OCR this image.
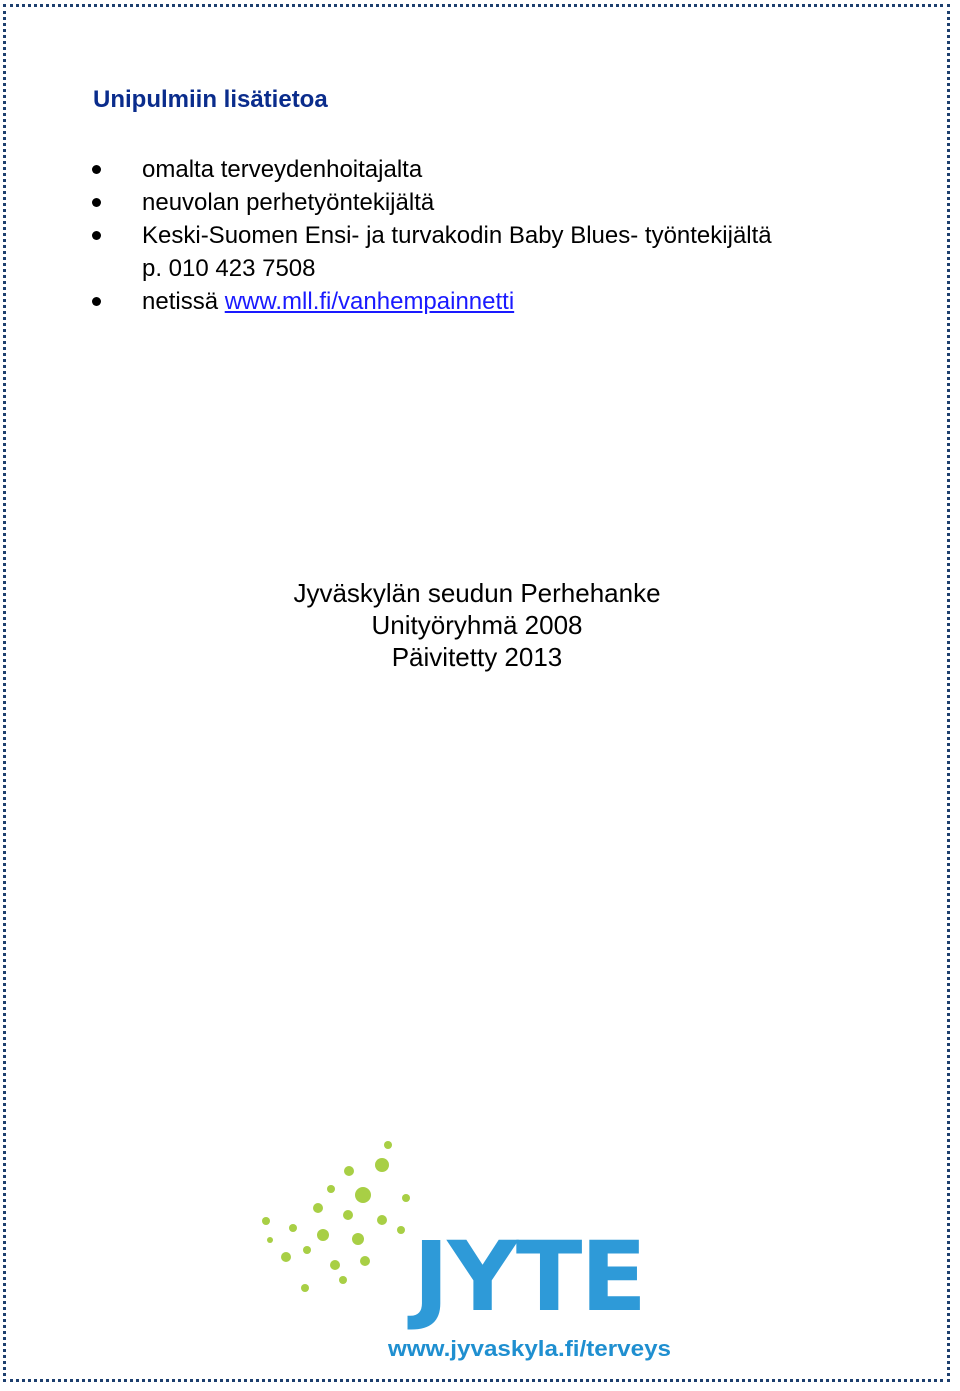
Unipulmiin lisätietoa
omalta terveydenhoitajalta
neuvolan perhetyöntekijältä
Keski-Suomen Ensi- ja turvakodin Baby Blues- työntekijältä
p. 010 423 7508
netissä www.mll.fi/vanhempainnetti
Jyväskylän seudun Perhehanke
Unityöryhmä 2008
Päivitetty 2013
JYTE
www.jyvaskyla.fi/terveys
